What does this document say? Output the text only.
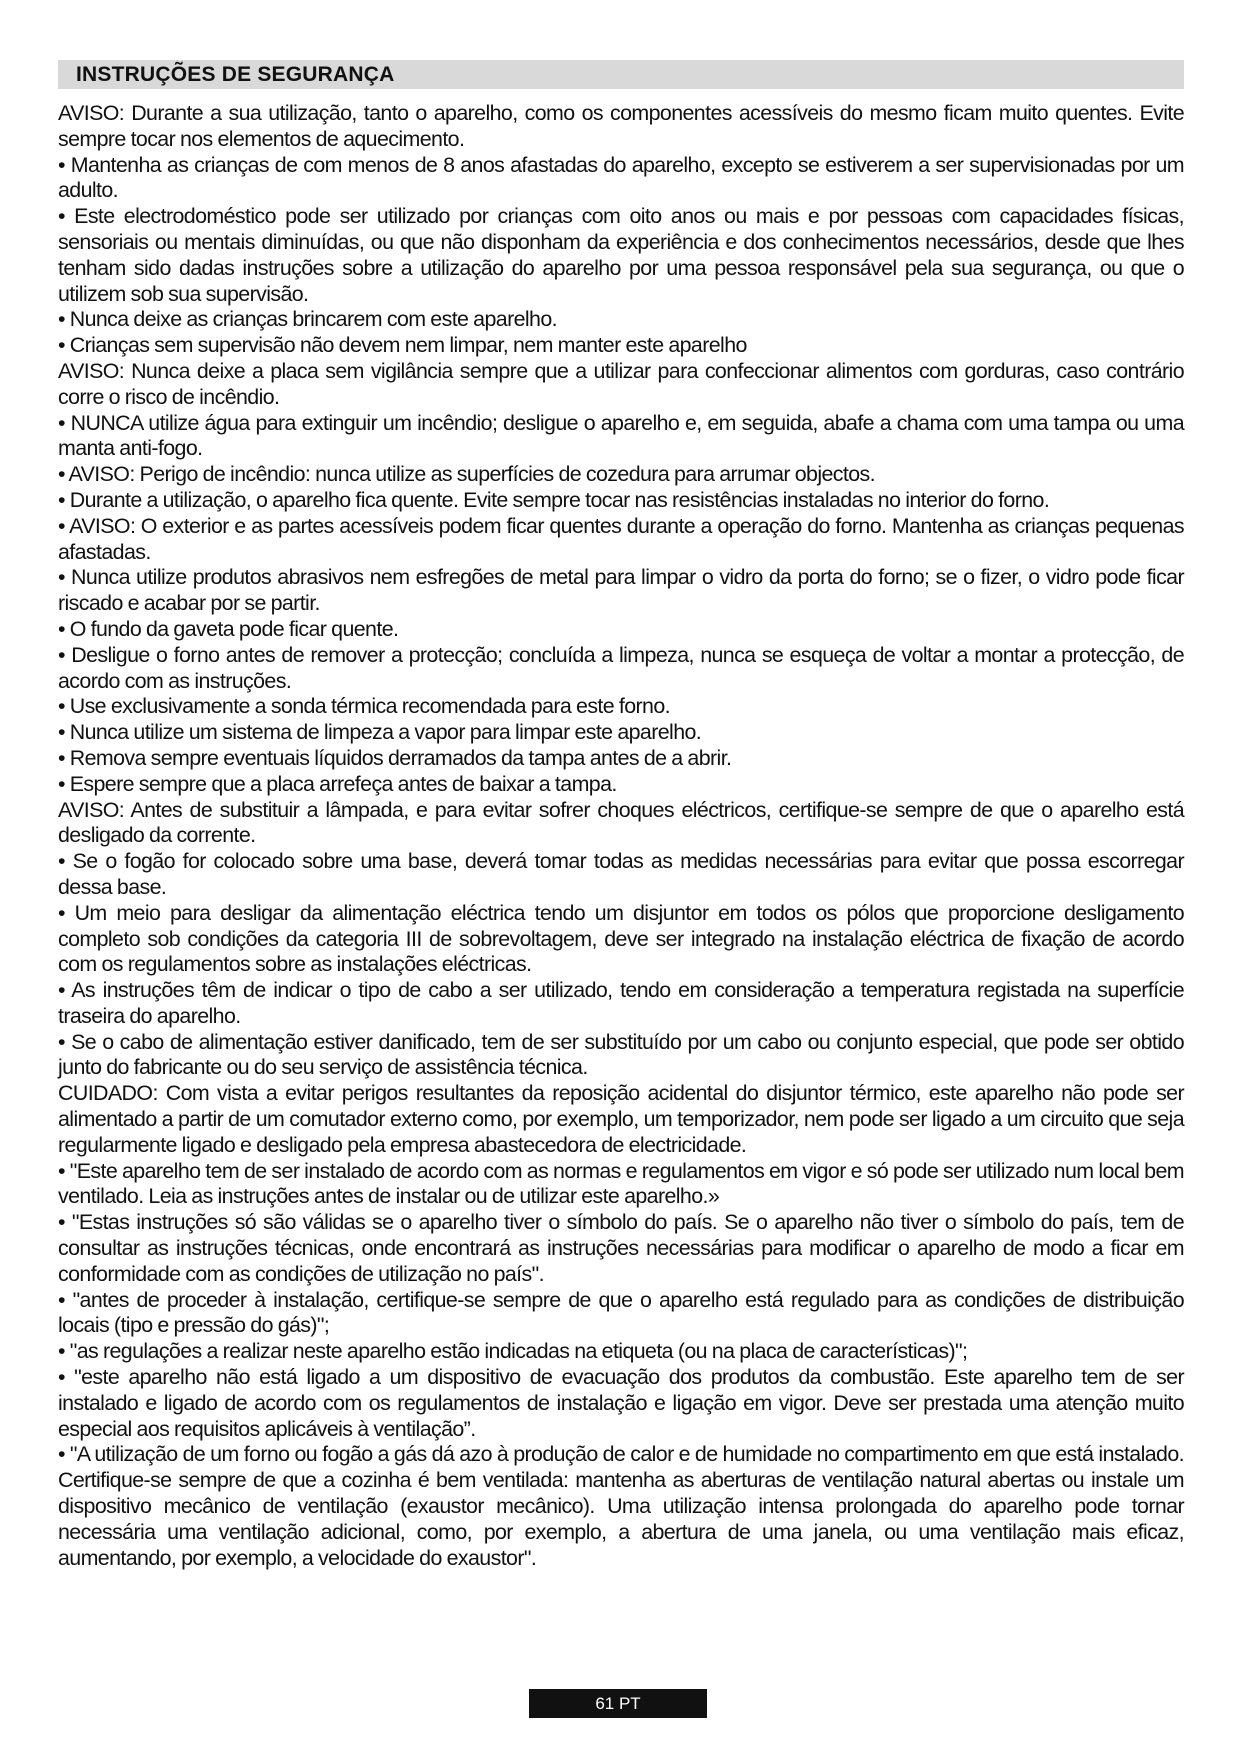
INSTRUÇÕES DE SEGURANÇA

AVISO: Durante a sua utilização, tanto o aparelho, como os componentes acessíveis do mesmo ficam muito quentes. Evite sempre tocar nos elementos de aquecimento.

• Mantenha as crianças de com menos de 8 anos afastadas do aparelho, excepto se estiverem a ser supervisionadas por um adulto.

• Este electrodoméstico pode ser utilizado por crianças com oito anos ou mais e por pessoas com capacidades físicas, sensoriais ou mentais diminuídas, ou que não disponham da experiência e dos conhecimentos necessários, desde que lhes tenham sido dadas instruções sobre a utilização do aparelho por uma pessoa responsável pela sua segurança, ou que o utilizem sob sua supervisão.

• Nunca deixe as crianças brincarem com este aparelho.

• Crianças sem supervisão não devem nem limpar, nem manter este aparelho

AVISO: Nunca deixe a placa sem vigilância sempre que a utilizar para confeccionar alimentos com gorduras, caso contrário corre o risco de incêndio.

• NUNCA utilize água para extinguir um incêndio; desligue o aparelho e, em seguida, abafe a chama com uma tampa ou uma manta anti-fogo.

• AVISO: Perigo de incêndio: nunca utilize as superfícies de cozedura para arrumar objectos.

• Durante a utilização, o aparelho fica quente. Evite sempre tocar nas resistências instaladas no interior do forno.

• AVISO: O exterior e as partes acessíveis podem ficar quentes durante a operação do forno. Mantenha as crianças pequenas afastadas.

• Nunca utilize produtos abrasivos nem esfregões de metal para limpar o vidro da porta do forno; se o fizer, o vidro pode ficar riscado e acabar por se partir.

• O fundo da gaveta pode ficar quente.

• Desligue o forno antes de remover a protecção; concluída a limpeza, nunca se esqueça de voltar a montar a protecção, de acordo com as instruções.

• Use exclusivamente a sonda térmica recomendada para este forno.

• Nunca utilize um sistema de limpeza a vapor para limpar este aparelho.

• Remova sempre eventuais líquidos derramados da tampa antes de a abrir.

• Espere sempre que a placa arrefeça antes de baixar a tampa.

AVISO: Antes de substituir a lâmpada, e para evitar sofrer choques eléctricos, certifique-se sempre de que o aparelho está desligado da corrente.

• Se o fogão for colocado sobre uma base, deverá tomar todas as medidas necessárias para evitar que possa escorregar dessa base.

• Um meio para desligar da alimentação eléctrica tendo um disjuntor em todos os pólos que proporcione desligamento completo sob condições da categoria III de sobrevoltagem, deve ser integrado na instalação eléctrica de fixação de acordo com os regulamentos sobre as instalações eléctricas.

• As instruções têm de indicar o tipo de cabo a ser utilizado, tendo em consideração a temperatura registada na superfície traseira do aparelho.

• Se o cabo de alimentação estiver danificado, tem de ser substituído por um cabo ou conjunto especial, que pode ser obtido junto do fabricante ou do seu serviço de assistência técnica.

CUIDADO: Com vista a evitar perigos resultantes da reposição acidental do disjuntor térmico, este aparelho não pode ser alimentado a partir de um comutador externo como, por exemplo, um temporizador, nem pode ser ligado a um circuito que seja regularmente ligado e desligado pela empresa abastecedora de electricidade.

• "Este aparelho tem de ser instalado de acordo com as normas e regulamentos em vigor e só pode ser utilizado num local bem ventilado. Leia as instruções antes de instalar ou de utilizar este aparelho.»

• "Estas instruções só são válidas se o aparelho tiver o símbolo do país. Se o aparelho não tiver o símbolo do país, tem de consultar as instruções técnicas, onde encontrará as instruções necessárias para modificar o aparelho de modo a ficar em conformidade com as condições de utilização no país".

• "antes de proceder à instalação, certifique-se sempre de que o aparelho está regulado para as condições de distribuição locais (tipo e pressão do gás)";

• "as regulações a realizar neste aparelho estão indicadas na etiqueta (ou na placa de características)";

• "este aparelho não está ligado a um dispositivo de evacuação dos produtos da combustão. Este aparelho tem de ser instalado e ligado de acordo com os regulamentos de instalação e ligação em vigor. Deve ser prestada uma atenção muito especial aos requisitos aplicáveis à ventilação”.

• "A utilização de um forno ou fogão a gás dá azo à produção de calor e de humidade no compartimento em que está instalado. Certifique-se sempre de que a cozinha é bem ventilada: mantenha as aberturas de ventilação natural abertas ou instale um dispositivo mecânico de ventilação (exaustor mecânico). Uma utilização intensa prolongada do aparelho pode tornar necessária uma ventilação adicional, como, por exemplo, a abertura de uma janela, ou uma ventilação mais eficaz, aumentando, por exemplo, a velocidade do exaustor".

61 PT
